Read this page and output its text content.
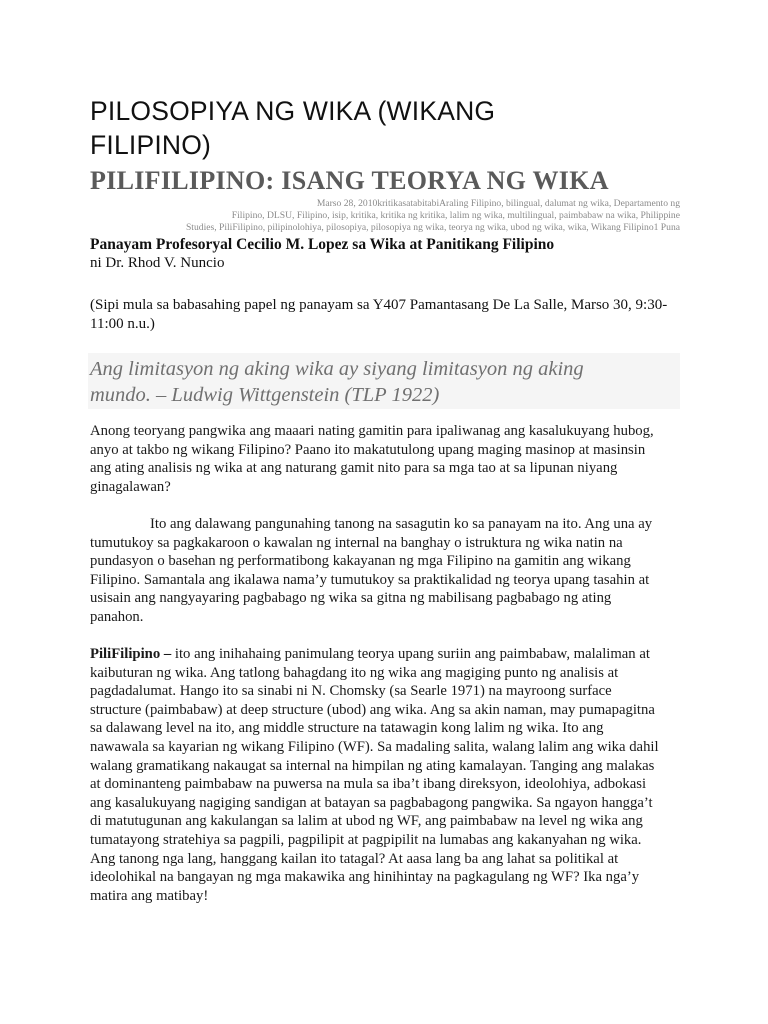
PILOSOPIYA NG WIKA (WIKANG
FILIPINO)
PILIFILIPINO: ISANG TEORYA NG WIKA
Marso 28, 2010kritikasatabitabiAraling Filipino, bilingual, dalumat ng wika, Departamento ng
Filipino, DLSU, Filipino, isip, kritika, kritika ng kritika, lalim ng wika, multilingual, paimbabaw na wika, Philippine
Studies, PiliFilipino, pilipinolohiya, pilosopiya, pilosopiya ng wika, teorya ng wika, ubod ng wika, wika, Wikang Filipino1 Puna
Panayam Profesoryal Cecilio M. Lopez sa Wika at Panitikang Filipino
ni Dr. Rhod V. Nuncio
(Sipi mula sa babasahing papel ng panayam sa Y407 Pamantasang De La Salle, Marso 30, 9:30-
11:00 n.u.)
Ang limitasyon ng aking wika ay siyang limitasyon ng aking
mundo. – Ludwig Wittgenstein (TLP 1922)
Anong teoryang pangwika ang maaari nating gamitin para ipaliwanag ang kasalukuyang hubog,
anyo at takbo ng wikang Filipino? Paano ito makatutulong upang maging masinop at masinsin
ang ating analisis ng wika at ang naturang gamit nito para sa mga tao at sa lipunan niyang
ginagalawan?
Ito ang dalawang pangunahing tanong na sasagutin ko sa panayam na ito. Ang una ay
tumutukoy sa pagkakaroon o kawalan ng internal na banghay o istruktura ng wika natin na
pundasyon o basehan ng performatibong kakayanan ng mga Filipino na gamitin ang wikang
Filipino. Samantala ang ikalawa nama’y tumutukoy sa praktikalidad ng teorya upang tasahin at
usisain ang nangyayaring pagbabago ng wika sa gitna ng mabilisang pagbabago ng ating
panahon.
PiliFilipino – ito ang inihahaing panimulang teorya upang suriin ang paimbabaw, malaliman at
kaibuturan ng wika. Ang tatlong bahagdang ito ng wika ang magiging punto ng analisis at
pagdadalumat. Hango ito sa sinabi ni N. Chomsky (sa Searle 1971) na mayroong surface
structure (paimbabaw) at deep structure (ubod) ang wika. Ang sa akin naman, may pumapagitna
sa dalawang level na ito, ang middle structure na tatawagin kong lalim ng wika. Ito ang
nawawala sa kayarian ng wikang Filipino (WF). Sa madaling salita, walang lalim ang wika dahil
walang gramatikang nakaugat sa internal na himpilan ng ating kamalayan. Tanging ang malakas
at dominanteng paimbabaw na puwersa na mula sa iba’t ibang direksyon, ideolohiya, adbokasi
ang kasalukuyang nagiging sandigan at batayan sa pagbabagong pangwika. Sa ngayon hangga’t
di matutugunan ang kakulangan sa lalim at ubod ng WF, ang paimbabaw na level ng wika ang
tumatayong stratehiya sa pagpili, pagpilipit at pagpipilit na lumabas ang kakanyahan ng wika.
Ang tanong nga lang, hanggang kailan ito tatagal? At aasa lang ba ang lahat sa politikal at
ideolohikal na bangayan ng mga makawika ang hinihintay na pagkagulang ng WF? Ika nga’y
matira ang matibay!
